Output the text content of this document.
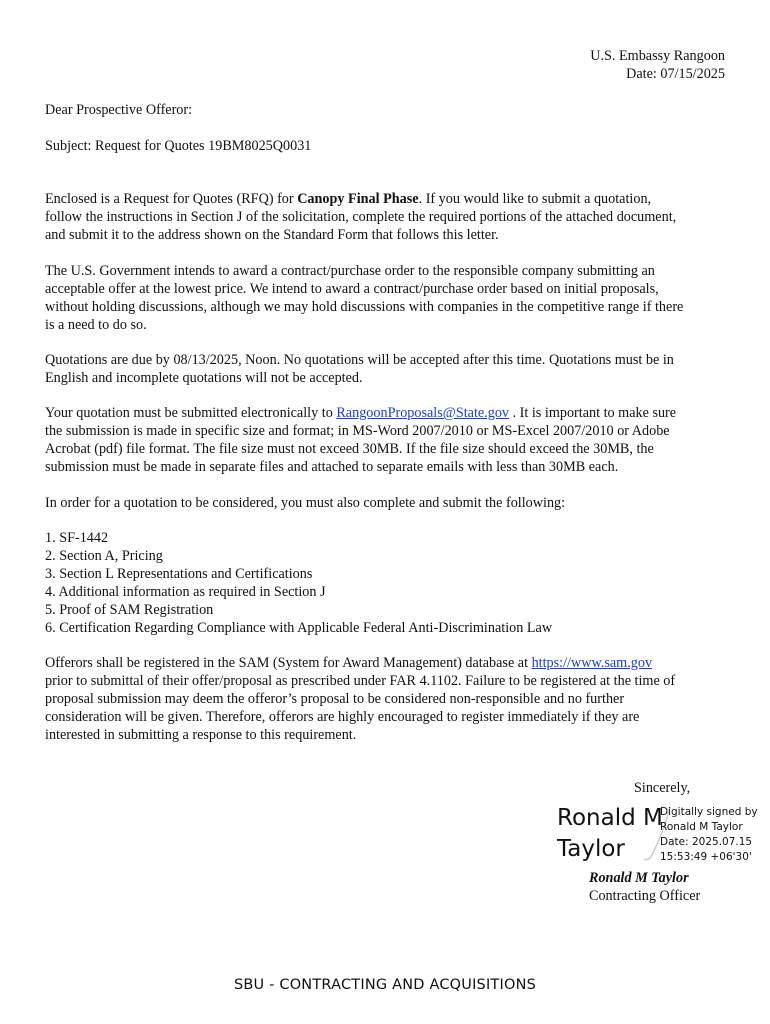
U.S. Embassy Rangoon
Date: 07/15/2025
Dear Prospective Offeror:
Subject: Request for Quotes 19BM8025Q0031
Enclosed is a Request for Quotes (RFQ) for Canopy Final Phase. If you would like to submit a quotation,
follow the instructions in Section J of the solicitation, complete the required portions of the attached document,
and submit it to the address shown on the Standard Form that follows this letter.
The U.S. Government intends to award a contract/purchase order to the responsible company submitting an
acceptable offer at the lowest price. We intend to award a contract/purchase order based on initial proposals,
without holding discussions, although we may hold discussions with companies in the competitive range if there
is a need to do so.
Quotations are due by 08/13/2025, Noon. No quotations will be accepted after this time. Quotations must be in
English and incomplete quotations will not be accepted.
Your quotation must be submitted electronically to RangoonProposals@State.gov . It is important to make sure
the submission is made in specific size and format; in MS-Word 2007/2010 or MS-Excel 2007/2010 or Adobe
Acrobat (pdf) file format. The file size must not exceed 30MB. If the file size should exceed the 30MB, the
submission must be made in separate files and attached to separate emails with less than 30MB each.
In order for a quotation to be considered, you must also complete and submit the following:
1. SF-1442
2. Section A, Pricing
3. Section L Representations and Certifications
4. Additional information as required in Section J
5. Proof of SAM Registration
6. Certification Regarding Compliance with Applicable Federal Anti-Discrimination Law
Offerors shall be registered in the SAM (System for Award Management) database at https://www.sam.gov
prior to submittal of their offer/proposal as prescribed under FAR 4.1102. Failure to be registered at the time of
proposal submission may deem the offeror’s proposal to be considered non-responsible and no further
consideration will be given. Therefore, offerors are highly encouraged to register immediately if they are
interested in submitting a response to this requirement.
Sincerely,
Ronald M
Taylor
Digitally signed by
Ronald M Taylor
Date: 2025.07.15
15:53:49 +06'30'
Ronald M Taylor
Contracting Officer
SBU - CONTRACTING AND ACQUISITIONS
